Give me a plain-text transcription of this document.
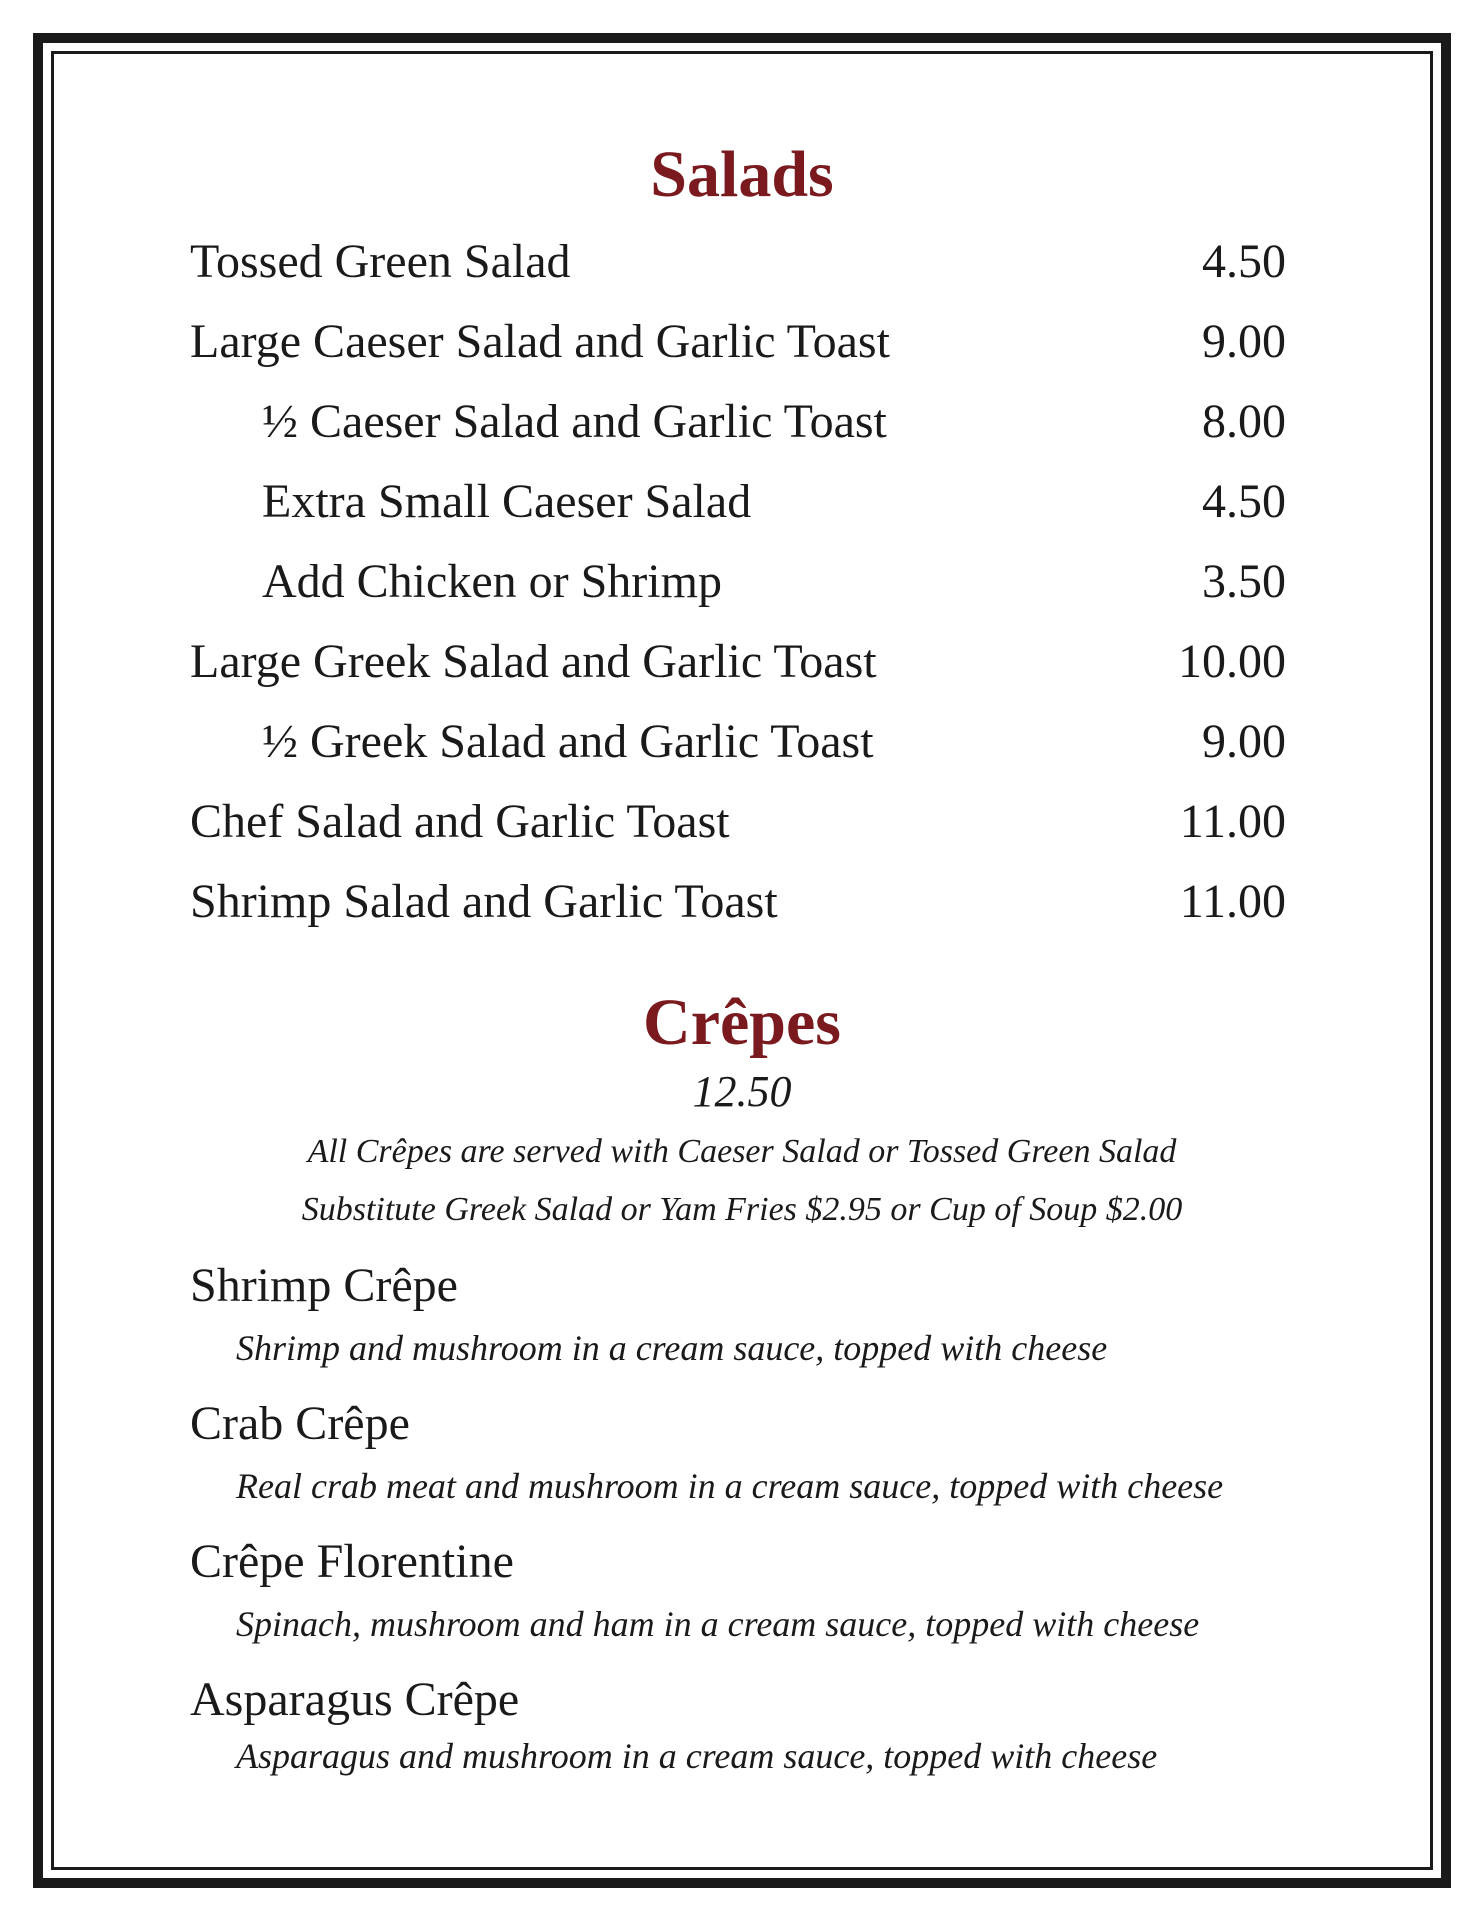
Salads
Tossed Green Salad	4.50
Large Caeser Salad and Garlic Toast	9.00
½ Caeser Salad and Garlic Toast	8.00
Extra Small Caeser Salad	4.50
Add Chicken or Shrimp	3.50
Large Greek Salad and Garlic Toast	10.00
½ Greek Salad and Garlic Toast	9.00
Chef Salad and Garlic Toast	11.00
Shrimp Salad and Garlic Toast	11.00
Crêpes
12.50
All Crêpes are served with Caeser Salad or Tossed Green Salad
Substitute Greek Salad or Yam Fries $2.95 or Cup of Soup $2.00
Shrimp Crêpe
Shrimp and mushroom in a cream sauce, topped with cheese
Crab Crêpe
Real crab meat and mushroom in a cream sauce, topped with cheese
Crêpe Florentine
Spinach, mushroom and ham in a cream sauce, topped with cheese
Asparagus Crêpe
Asparagus and mushroom in a cream sauce, topped with cheese
